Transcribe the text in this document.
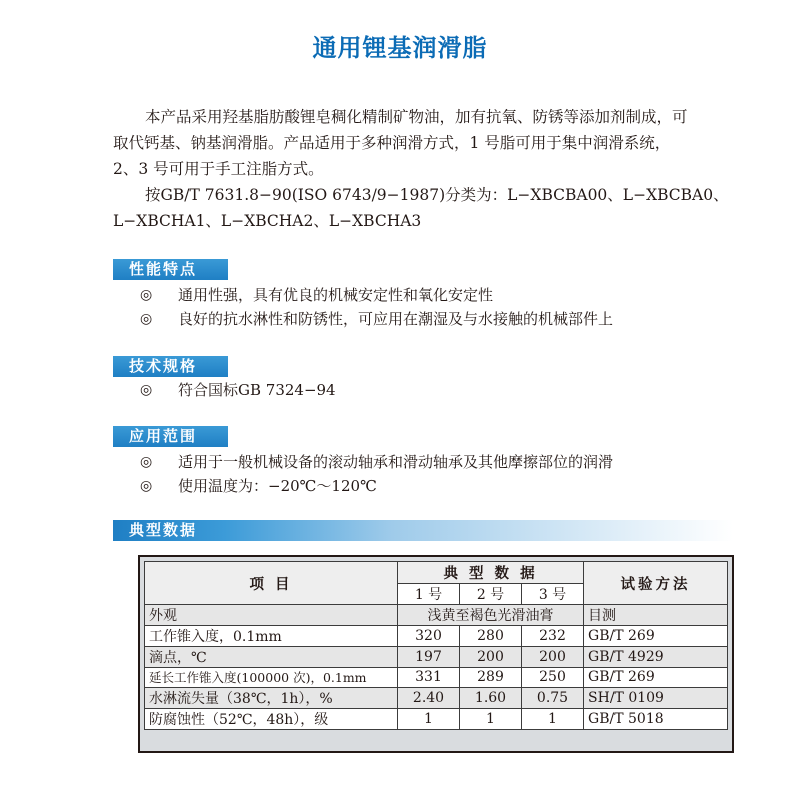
通用锂基润滑脂

本产品采用羟基脂肪酸锂皂稠化精制矿物油，加有抗氧、防锈等添加剂制成，可

取代钙基、钠基润滑脂。产品适用于多种润滑方式，1 号脂可用于集中润滑系统，

2、3 号可用于手工注脂方式。

按GB/T 7631.8−90(ISO 6743/9−1987)分类为：L−XBCBA00、L−XBCBA0、

L−XBCHA1、L−XBCHA2、L−XBCHA3

性能特点
◎	通用性强，具有优良的机械安定性和氧化安定性
◎	良好的抗水淋性和防锈性，可应用在潮湿及与水接触的机械部件上
技术规格
◎	符合国标GB 7324−94
应用范围
◎	适用于一般机械设备的滚动轴承和滑动轴承及其他摩擦部位的润滑
◎	使用温度为：−20℃～120℃
典型数据
项 目	典 型 数 据			试验方法
	1 号	2 号	3 号	
外观	浅黄至褐色光滑油膏			目测
工作锥入度，0.1mm	320	280	232	GB/T 269
滴点，℃	197	200	200	GB/T 4929
延长工作锥入度(100000 次)，0.1mm	331	289	250	GB/T 269
水淋流失量（38℃，1h），%	2.40	1.60	0.75	SH/T 0109
防腐蚀性（52℃，48h），级	1	1	1	GB/T 5018
